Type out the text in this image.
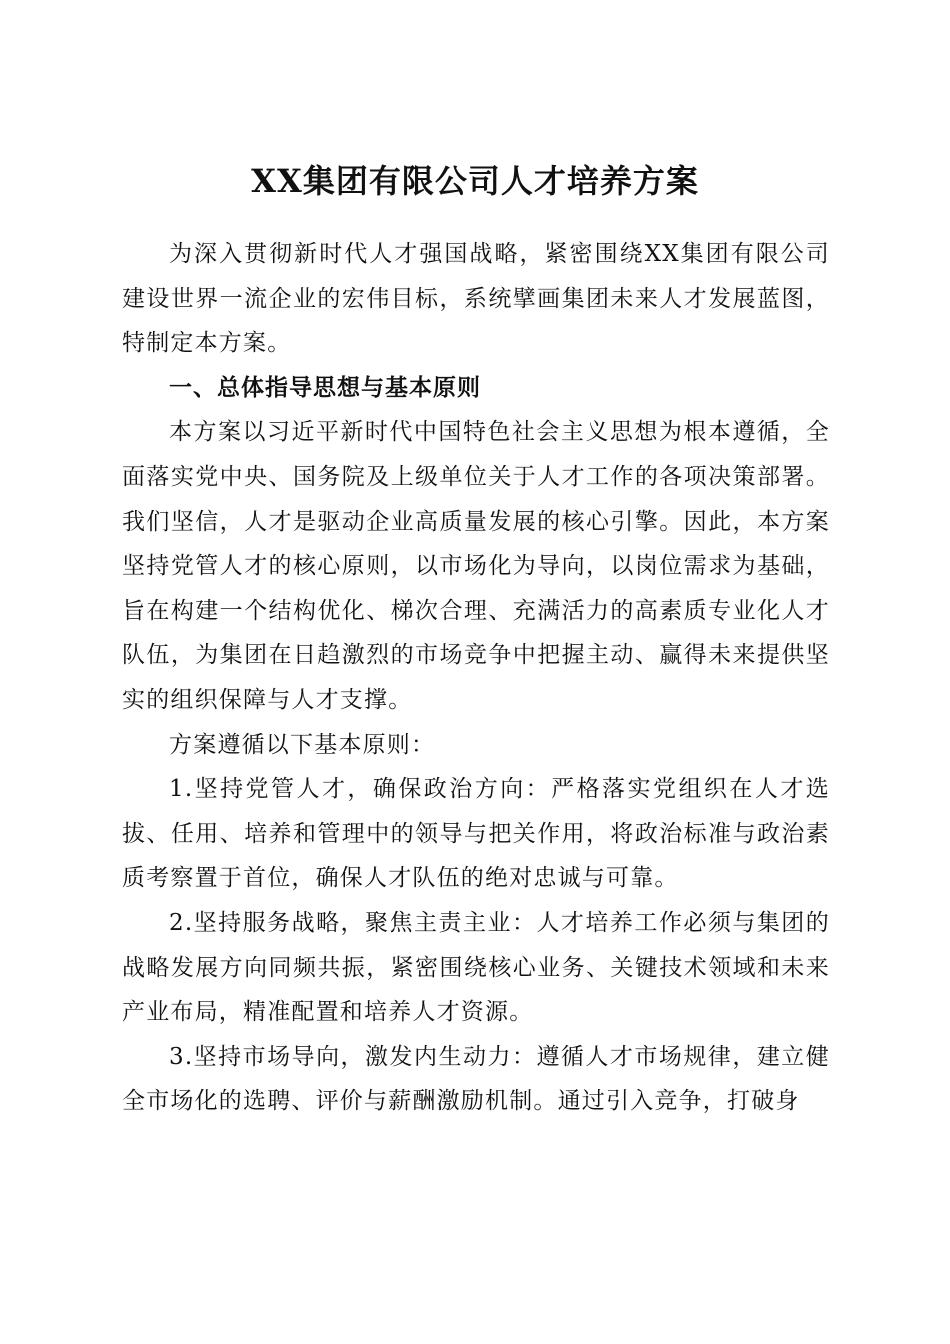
XX集团有限公司人才培养方案

为深入贯彻新时代人才强国战略，紧密围绕XX集团有限公司建设世界一流企业的宏伟目标，系统擘画集团未来人才发展蓝图，特制定本方案。

一、总体指导思想与基本原则

本方案以习近平新时代中国特色社会主义思想为根本遵循，全面落实党中央、国务院及上级单位关于人才工作的各项决策部署。我们坚信，人才是驱动企业高质量发展的核心引擎。因此，本方案坚持党管人才的核心原则，以市场化为导向，以岗位需求为基础，旨在构建一个结构优化、梯次合理、充满活力的高素质专业化人才队伍，为集团在日趋激烈的市场竞争中把握主动、赢得未来提供坚实的组织保障与人才支撑。

方案遵循以下基本原则：

1.坚持党管人才，确保政治方向：严格落实党组织在人才选拔、任用、培养和管理中的领导与把关作用，将政治标准与政治素质考察置于首位，确保人才队伍的绝对忠诚与可靠。

2.坚持服务战略，聚焦主责主业：人才培养工作必须与集团的战略发展方向同频共振，紧密围绕核心业务、关键技术领域和未来产业布局，精准配置和培养人才资源。

3.坚持市场导向，激发内生动力：遵循人才市场规律，建立健全市场化的选聘、评价与薪酬激励机制。通过引入竞争，打破身
